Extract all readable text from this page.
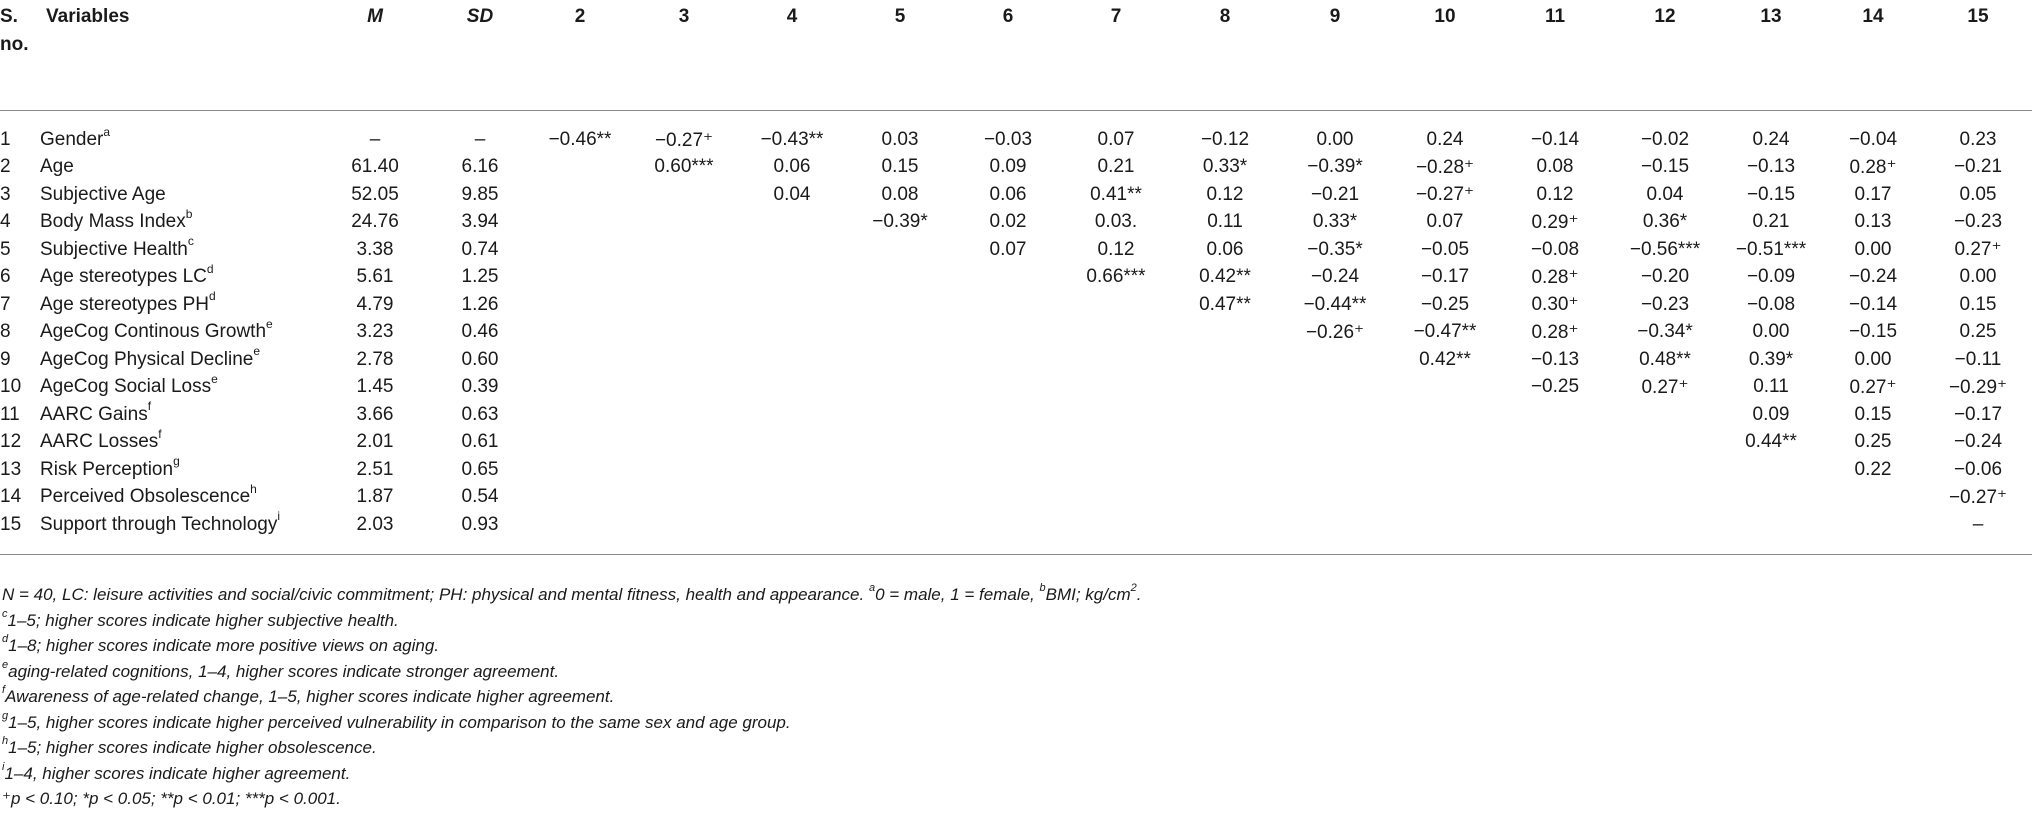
S.
no.	Variables	M	SD	2	3	4	5	6	7	8	9	10	11	12	13	14	15
1	Gender$^a$	–	–	−0.46**	−0.27⁺	−0.43**	0.03	−0.03	0.07	−0.12	0.00	0.24	−0.14	−0.02	0.24	−0.04	0.23
2	Age	61.40	6.16		0.60***	0.06	0.15	0.09	0.21	0.33*	−0.39*	−0.28⁺	0.08	−0.15	−0.13	0.28⁺	−0.21
3	Subjective Age	52.05	9.85			0.04	0.08	0.06	0.41**	0.12	−0.21	−0.27⁺	0.12	0.04	−0.15	0.17	0.05
4	Body Mass Index$^b$	24.76	3.94				−0.39*	0.02	0.03.	0.11	0.33*	0.07	0.29⁺	0.36*	0.21	0.13	−0.23
5	Subjective Health$^c$	3.38	0.74					0.07	0.12	0.06	−0.35*	−0.05	−0.08	−0.56***	−0.51***	0.00	0.27⁺
6	Age stereotypes $LC^d$	5.61	1.25						0.66***	0.42**	−0.24	−0.17	0.28⁺	−0.20	−0.09	−0.24	0.00
7	Age stereotypes $PH^d$	4.79	1.26							0.47**	−0.44**	−0.25	0.30⁺	−0.23	−0.08	−0.14	0.15
8	AgeCog Continous Growth$^e$	3.23	0.46								−0.26⁺	−0.47**	0.28⁺	−0.34*	0.00	−0.15	0.25
9	AgeCog Physical Decline$^e$	2.78	0.60									0.42**	−0.13	0.48**	0.39*	0.00	−0.11
10	AgeCog Social Loss$^e$	1.45	0.39										−0.25	0.27⁺	0.11	0.27⁺	−0.29⁺
11	AARC Gains$^f$	3.66	0.63												0.09	0.15	−0.17
12	AARC Losses$^f$	2.01	0.61												0.44**	0.25	−0.24
13	Risk Perception$^g$	2.51	0.65													0.22	−0.06
14	Perceived Obsolescence$^h$	1.87	0.54														−0.27⁺
15	Support through Technology$^i$	2.03	0.93														–
N = 40, LC: leisure activities and social/civic commitment; PH: physical and mental fitness, health and appearance. $^a$0 = male, 1 = female, $^b$BMI; $kg/cm^2$.
$^c$1–5; higher scores indicate higher subjective health.
$^d$1–8; higher scores indicate more positive views on aging.
$^e$aging-related cognitions, 1–4, higher scores indicate stronger agreement.
$^f$Awareness of age-related change, 1–5, higher scores indicate higher agreement.
$^g$1–5, higher scores indicate higher perceived vulnerability in comparison to the same sex and age group.
$^h$1–5; higher scores indicate higher obsolescence.
$^i$1–4, higher scores indicate higher agreement.
⁺p < 0.10; *p < 0.05; **p < 0.01; ***p < 0.001.
